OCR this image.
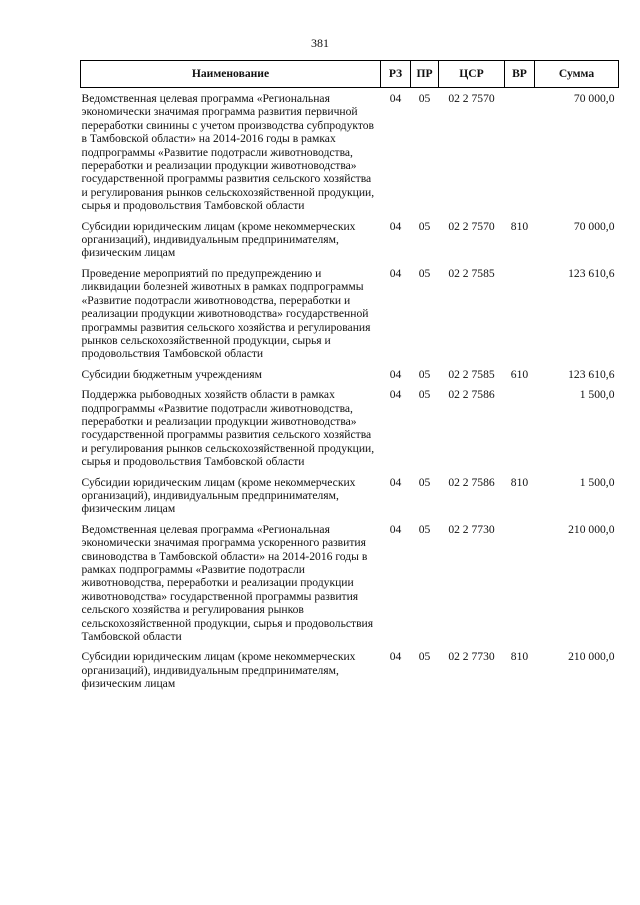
381
Наименование	РЗ	ПР	ЦСР	ВР	Сумма
Ведомственная целевая программа «Региональная экономически значимая программа развития первичной переработки свинины с учетом производства субпродуктов в Тамбовской области» на 2014-2016 годы в рамках подпрограммы «Развитие подотрасли животноводства, переработки и реализации продукции животноводства» государственной программы развития сельского хозяйства и регулирования рынков сельскохозяйственной продукции, сырья и продовольствия Тамбовской области	04	05	02 2 7570		70 000,0
Субсидии юридическим лицам (кроме некоммерческих организаций), индивидуальным предпринимателям, физическим лицам	04	05	02 2 7570	810	70 000,0
Проведение мероприятий по предупреждению и ликвидации болезней животных в рамках подпрограммы «Развитие подотрасли животноводства, переработки и реализации продукции животноводства» государственной программы развития сельского хозяйства и регулирования рынков сельскохозяйственной продукции, сырья и продовольствия Тамбовской области	04	05	02 2 7585		123 610,6
Субсидии бюджетным учреждениям	04	05	02 2 7585	610	123 610,6
Поддержка рыбоводных хозяйств области в рамках подпрограммы «Развитие подотрасли животноводства, переработки и реализации продукции животноводства» государственной программы развития сельского хозяйства и регулирования рынков сельскохозяйственной продукции, сырья и продовольствия Тамбовской области	04	05	02 2 7586		1 500,0
Субсидии юридическим лицам (кроме некоммерческих организаций), индивидуальным предпринимателям, физическим лицам	04	05	02 2 7586	810	1 500,0
Ведомственная целевая программа «Региональная экономически значимая программа ускоренного развития свиноводства в Тамбовской области» на 2014-2016 годы в рамках подпрограммы «Развитие подотрасли животноводства, переработки и реализации продукции животноводства» государственной программы развития сельского хозяйства и регулирования рынков сельскохозяйственной продукции, сырья и продовольствия Тамбовской области	04	05	02 2 7730		210 000,0
Субсидии юридическим лицам (кроме некоммерческих организаций), индивидуальным предпринимателям, физическим лицам	04	05	02 2 7730	810	210 000,0
